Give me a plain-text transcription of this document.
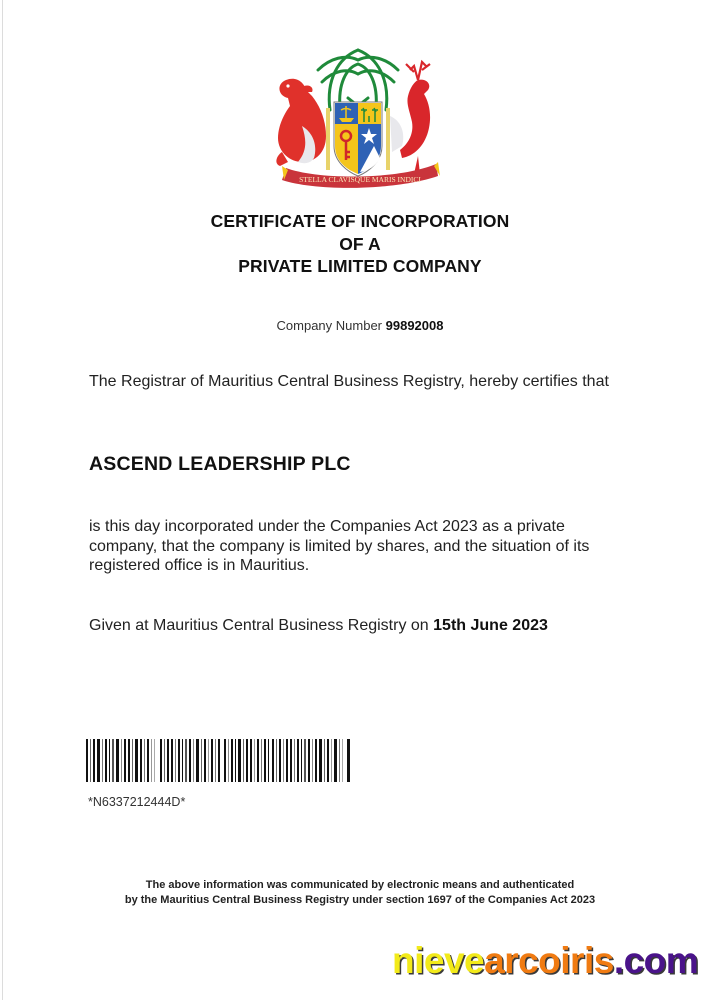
STELLA CLAVISQUE MARIS INDICI
CERTIFICATE OF INCORPORATION
OF A
PRIVATE LIMITED COMPANY
Company Number 99892008
The Registrar of Mauritius Central Business Registry, hereby certifies that
ASCEND LEADERSHIP PLC
is this day incorporated under the Companies Act 2023 as a private company, that the company is limited by shares, and the situation of its registered office is in Mauritius.
Given at Mauritius Central Business Registry on 15th June 2023
*N6337212444D*
The above information was communicated by electronic means and authenticated
by the Mauritius Central Business Registry under section 1697 of the Companies Act 2023
nievearcoiris.com
